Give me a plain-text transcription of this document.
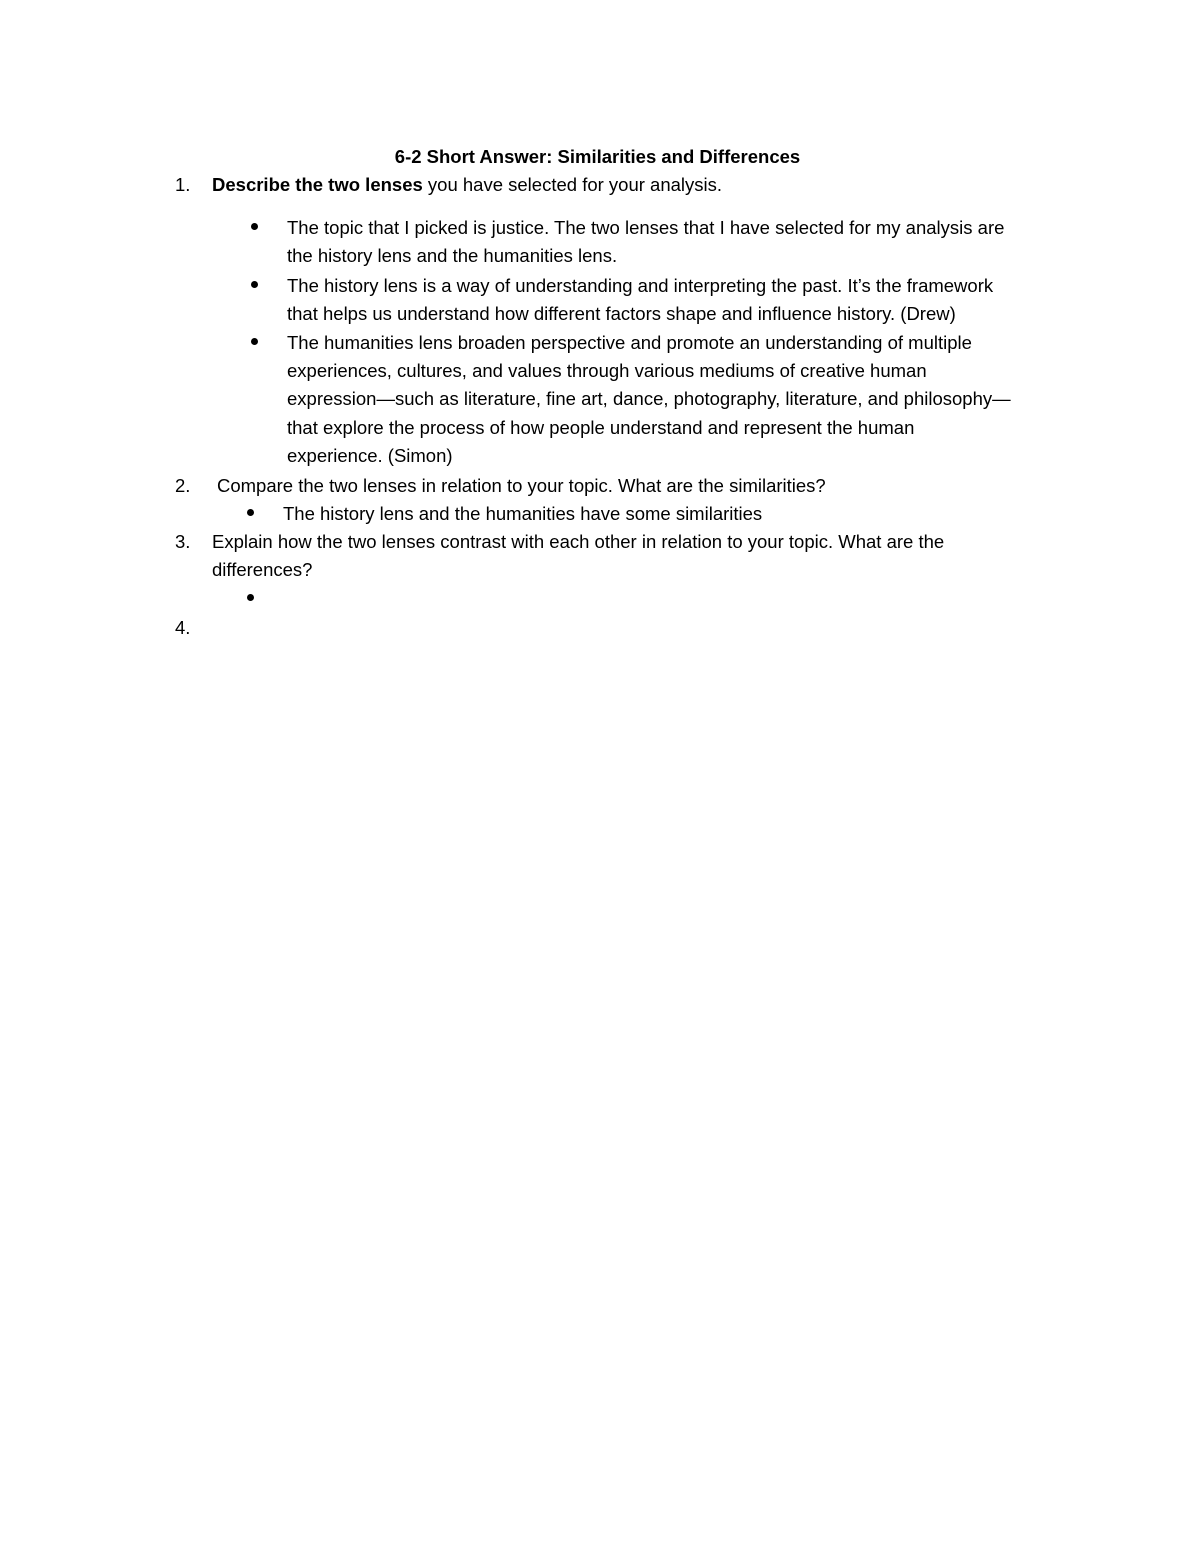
6-2 Short Answer: Similarities and Differences
1. Describe the two lenses you have selected for your analysis.
The topic that I picked is justice. The two lenses that I have selected for my analysis are
the history lens and the humanities lens.
The history lens is a way of understanding and interpreting the past. It’s the framework
that helps us understand how different factors shape and influence history. (Drew)
The humanities lens broaden perspective and promote an understanding of multiple
experiences, cultures, and values through various mediums of creative human
expression—such as literature, fine art, dance, photography, literature, and philosophy—
that explore the process of how people understand and represent the human
experience. (Simon)
2. Compare the two lenses in relation to your topic. What are the similarities?
The history lens and the humanities have some similarities
3. Explain how the two lenses contrast with each other in relation to your topic. What are the
differences?
4.
